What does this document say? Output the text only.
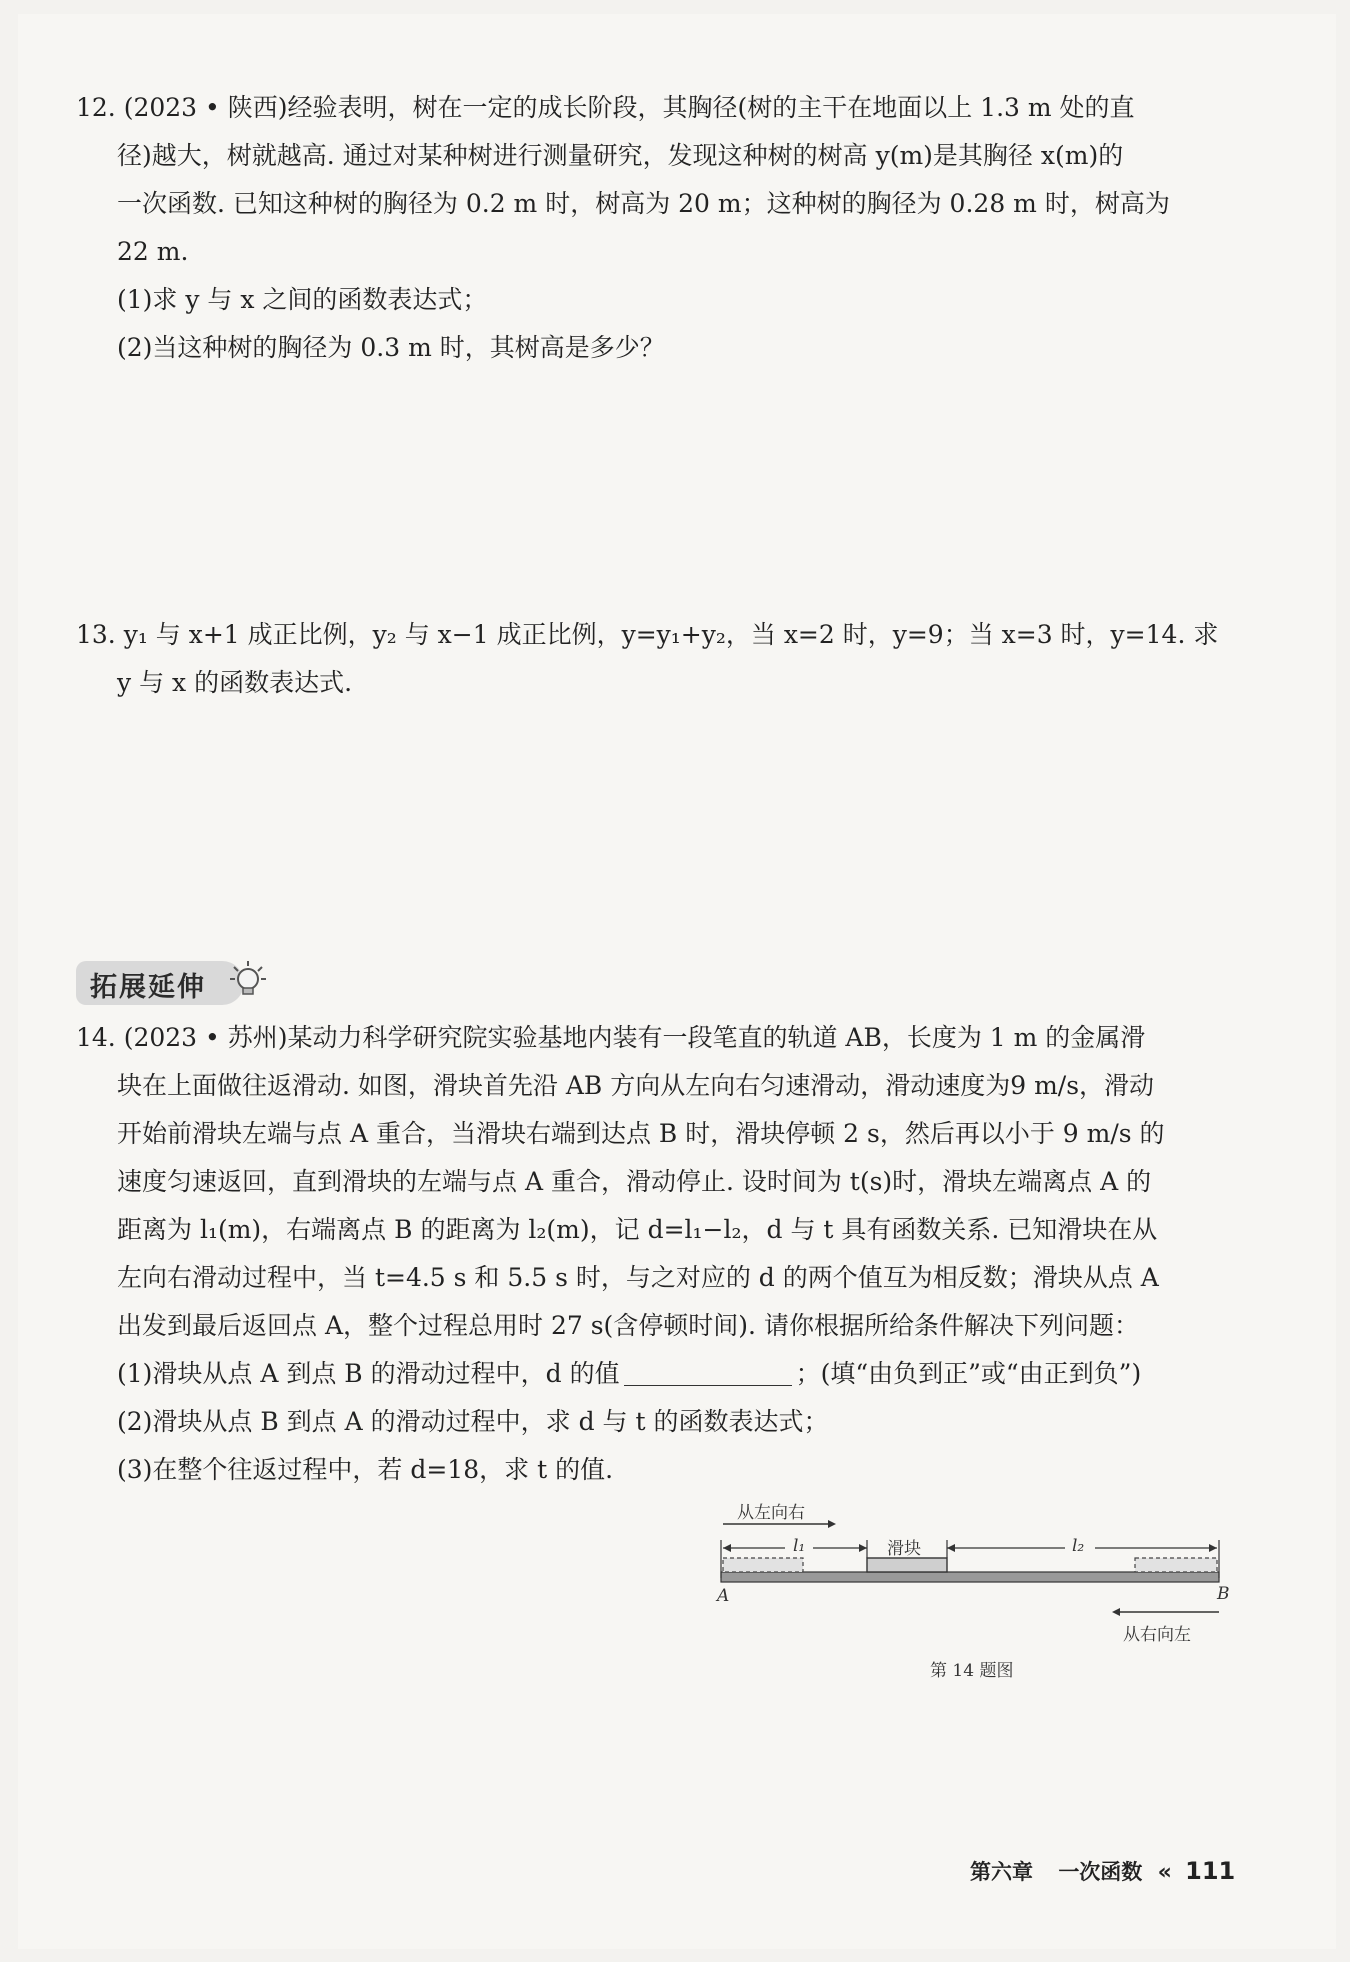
12. (2023 • 陕西)经验表明，树在一定的成长阶段，其胸径(树的主干在地面以上 1.3 m 处的直

径)越大，树就越高. 通过对某种树进行测量研究，发现这种树的树高 y(m)是其胸径 x(m)的

一次函数. 已知这种树的胸径为 0.2 m 时，树高为 20 m；这种树的胸径为 0.28 m 时，树高为

22 m.

(1)求 y 与 x 之间的函数表达式；

(2)当这种树的胸径为 0.3 m 时，其树高是多少？

13. y₁ 与 x+1 成正比例，y₂ 与 x−1 成正比例，y=y₁+y₂，当 x=2 时，y=9；当 x=3 时，y=14. 求

y 与 x 的函数表达式.

拓展延伸

14. (2023 • 苏州)某动力科学研究院实验基地内装有一段笔直的轨道 AB，长度为 1 m 的金属滑

块在上面做往返滑动. 如图，滑块首先沿 AB 方向从左向右匀速滑动，滑动速度为9 m/s，滑动

开始前滑块左端与点 A 重合，当滑块右端到达点 B 时，滑块停顿 2 s，然后再以小于 9 m/s 的

速度匀速返回，直到滑块的左端与点 A 重合，滑动停止. 设时间为 t(s)时，滑块左端离点 A 的

距离为 l₁(m)，右端离点 B 的距离为 l₂(m)，记 d=l₁−l₂，d 与 t 具有函数关系. 已知滑块在从

左向右滑动过程中，当 t=4.5 s 和 5.5 s 时，与之对应的 d 的两个值互为相反数；滑块从点 A

出发到最后返回点 A，整个过程总用时 27 s(含停顿时间). 请你根据所给条件解决下列问题：

(1)滑块从点 A 到点 B 的滑动过程中，d 的值	；(填“由负到正”或“由正到负”)

(2)滑块从点 B 到点 A 的滑动过程中，求 d 与 t 的函数表达式；

(3)在整个往返过程中，若 d=18，求 t 的值.

从左向右
l₁	滑块	l₂
A	B
从右向左
第 14 题图
第六章 一次函数 « 111
